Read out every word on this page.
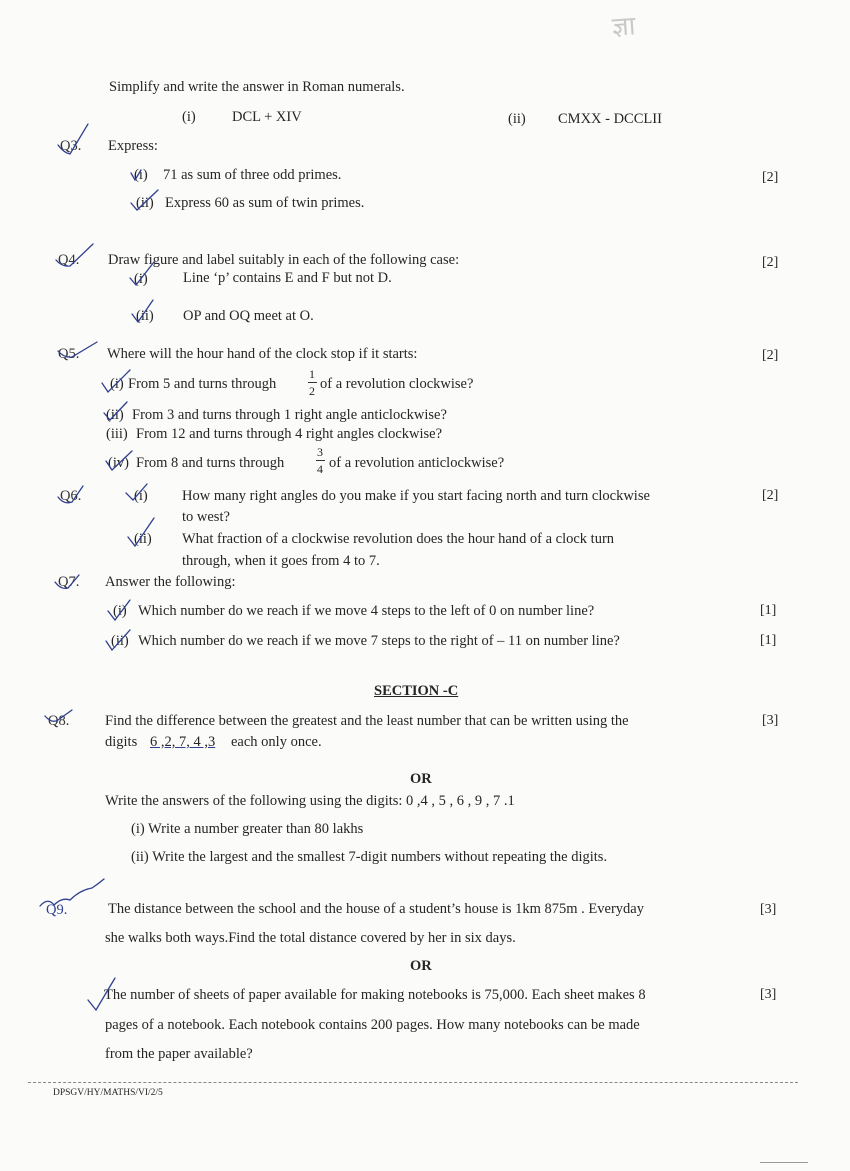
ज्ञा
Simplify and write the answer in Roman numerals.
(i)	DCL + XIV	(ii) CMXX - DCCLII
Q3. Express:
(i) 71 as sum of three odd primes.	[2]
(ii) Express 60 as sum of twin primes.
Q4. Draw figure and label suitably in each of the following case:	[2]
(i) Line ‘p’ contains E and F but not D.
(ii) OP and OQ meet at O.
Q5. Where will the hour hand of the clock stop if it starts:	[2]
(i) From 5 and turns through
1
2 of a revolution clockwise?
(ii) From 3 and turns through 1 right angle anticlockwise?
(iii) From 12 and turns through 4 right angles clockwise?
(iv) From 8 and turns through
3
4 of a revolution anticlockwise?
Q6.	(i) How many right angles do you make if you start facing north and turn clockwise	[2]
to west?
(ii) What fraction of a clockwise revolution does the hour hand of a clock turn
through, when it goes from 4 to 7.
Q7. Answer the following:
(i) Which number do we reach if we move 4 steps to the left of 0 on number line?	[1]
(ii) Which number do we reach if we move 7 steps to the right of – 11 on number line?	[1]
SECTION -C
Q8. Find the difference between the greatest and the least number that can be written using the	[3]
digits 6 ,2, 7, 4 ,3 each only once.
OR
Write the answers of the following using the digits: 0 ,4 , 5 , 6 , 9 , 7 .1
(i) Write a number greater than 80 lakhs
(ii) Write the largest and the smallest 7-digit numbers without repeating the digits.
Q9.	The distance between the school and the house of a student’s house is 1km 875m . Everyday	[3]
she walks both ways.Find the total distance covered by her in six days.
OR
The number of sheets of paper available for making notebooks is 75,000. Each sheet makes 8	[3]
pages of a notebook. Each notebook contains 200 pages. How many notebooks can be made
from the paper available?
DPSGV/HY/MATHS/VI/2/5
